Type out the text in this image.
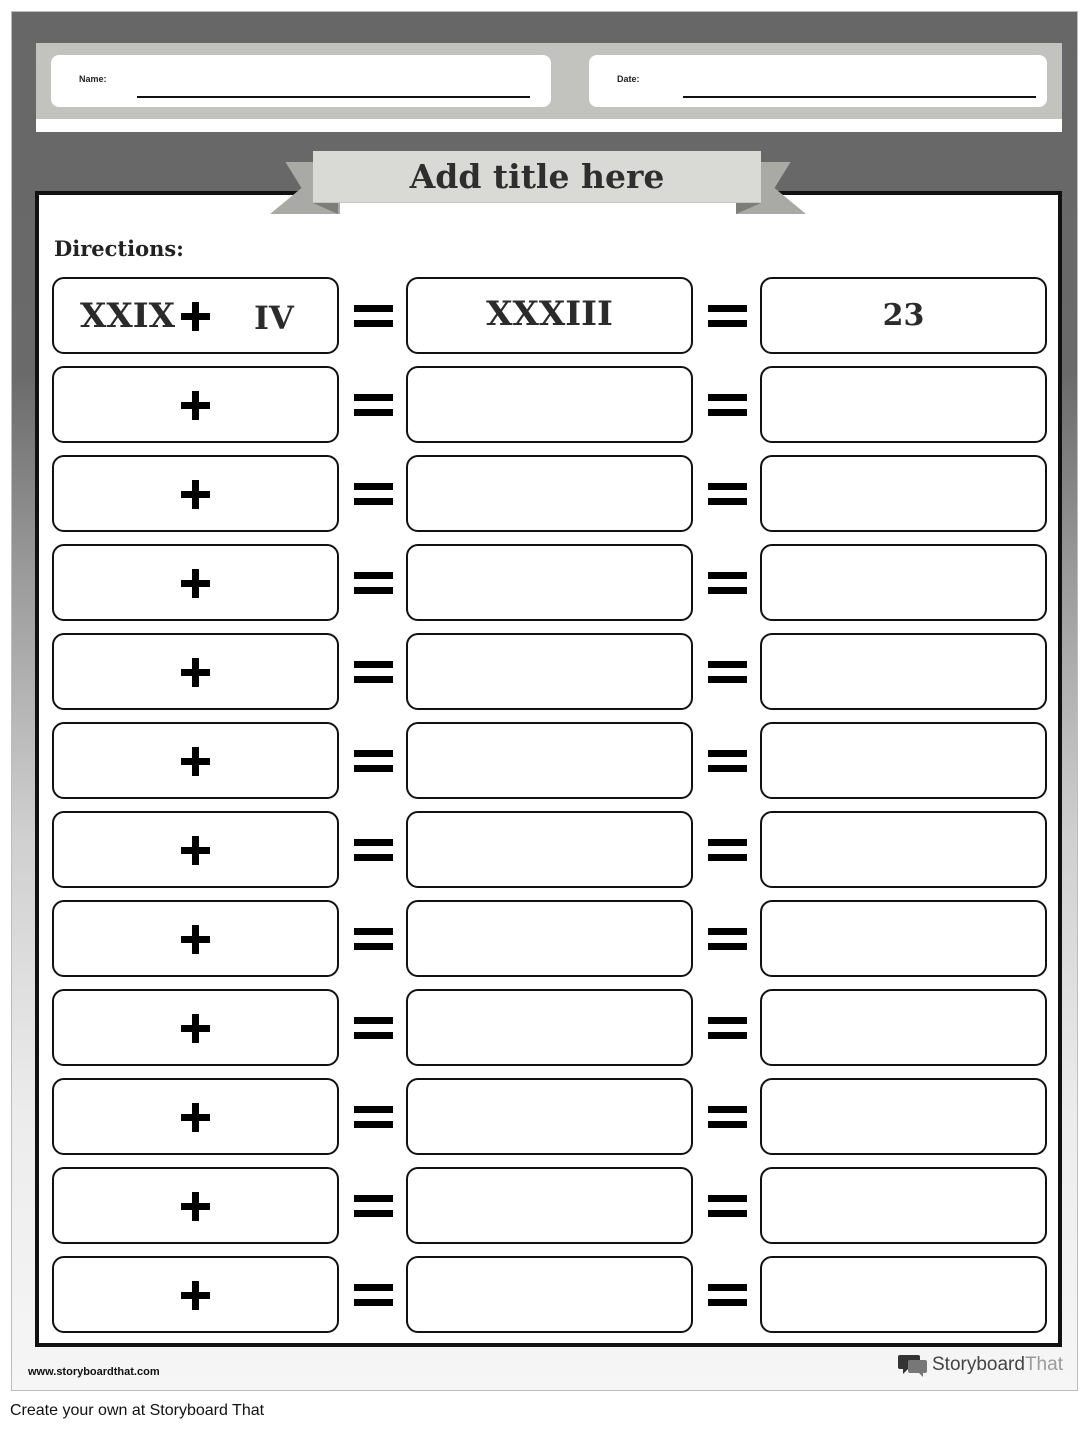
Name:	Date:
Add title here
Directions:
XXIX IV	XXXIII	23
www.storyboardthat.com	StoryboardThat
Create your own at Storyboard That
